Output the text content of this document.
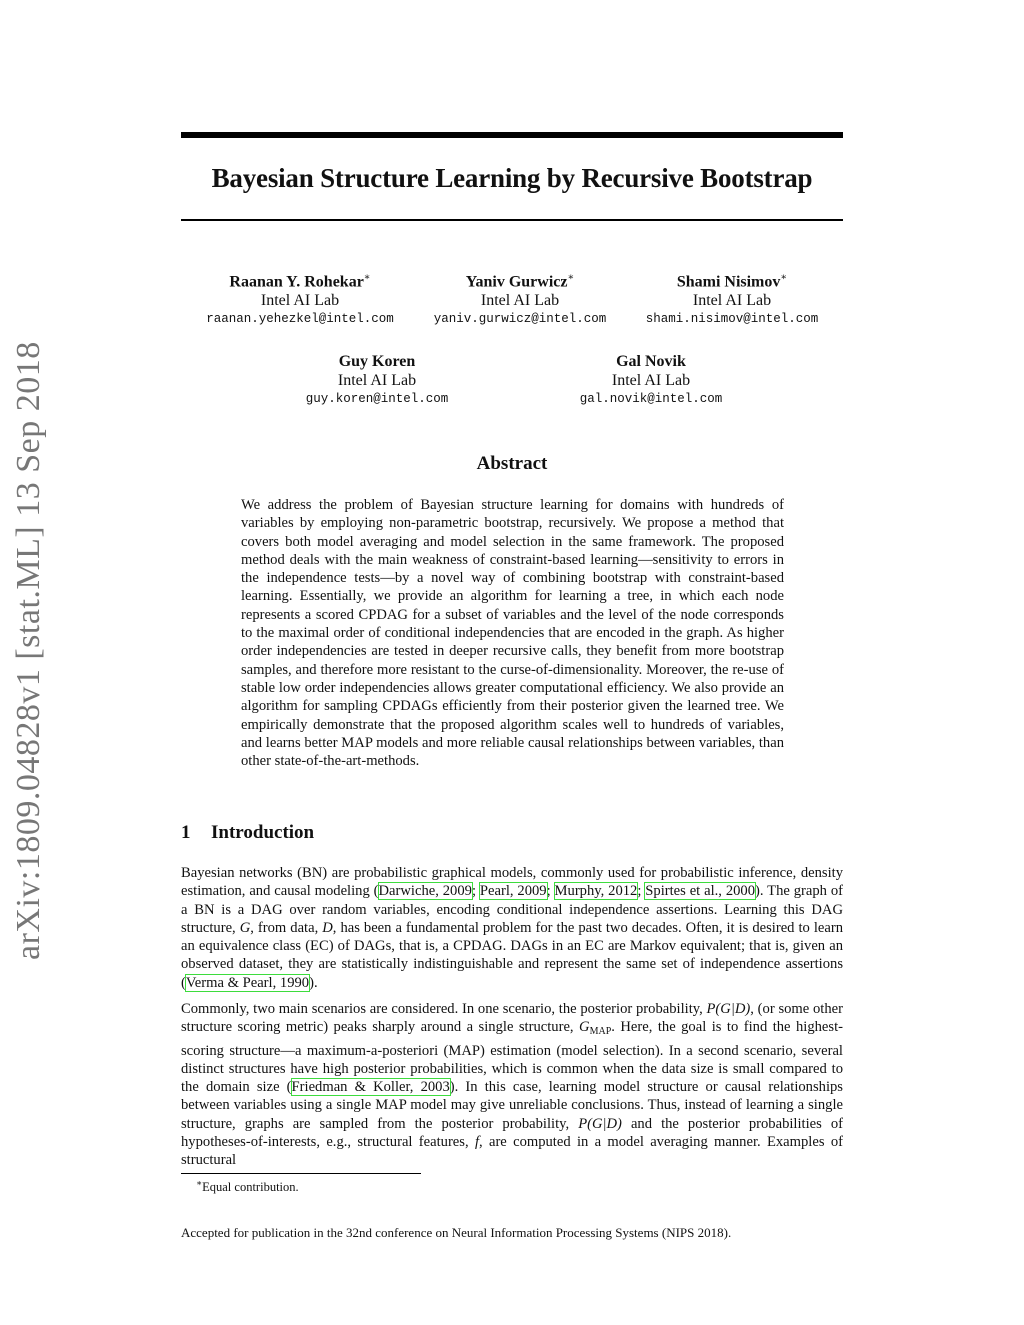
arXiv:1809.04828v1 [stat.ML] 13 Sep 2018
Bayesian Structure Learning by Recursive Bootstrap
Raanan Y. Rohekar∗
Intel AI Lab
raanan.yehezkel@intel.com
Yaniv Gurwicz∗
Intel AI Lab
yaniv.gurwicz@intel.com
Shami Nisimov∗
Intel AI Lab
shami.nisimov@intel.com
Guy Koren
Intel AI Lab
guy.koren@intel.com
Gal Novik
Intel AI Lab
gal.novik@intel.com
Abstract
We address the problem of Bayesian structure learning for domains with hundreds of variables by employing non-parametric bootstrap, recursively. We propose a method that covers both model averaging and model selection in the same framework. The proposed method deals with the main weakness of constraint-based learning—sensitivity to errors in the independence tests—by a novel way of combining bootstrap with constraint-based learning. Essentially, we provide an algorithm for learning a tree, in which each node represents a scored CPDAG for a subset of variables and the level of the node corresponds to the maximal order of conditional independencies that are encoded in the graph. As higher order independencies are tested in deeper recursive calls, they benefit from more bootstrap samples, and therefore more resistant to the curse-of-dimensionality. Moreover, the re-use of stable low order independencies allows greater computational efficiency. We also provide an algorithm for sampling CPDAGs efficiently from their posterior given the learned tree. We empirically demonstrate that the proposed algorithm scales well to hundreds of variables, and learns better MAP models and more reliable causal relationships between variables, than other state-of-the-art-methods.
1 Introduction
Bayesian networks (BN) are probabilistic graphical models, commonly used for probabilistic inference, density estimation, and causal modeling (Darwiche, 2009; Pearl, 2009; Murphy, 2012; Spirtes et al., 2000). The graph of a BN is a DAG over random variables, encoding conditional independence assertions. Learning this DAG structure, G, from data, D, has been a fundamental problem for the past two decades. Often, it is desired to learn an equivalence class (EC) of DAGs, that is, a CPDAG. DAGs in an EC are Markov equivalent; that is, given an observed dataset, they are statistically indistinguishable and represent the same set of independence assertions (Verma & Pearl, 1990).
Commonly, two main scenarios are considered. In one scenario, the posterior probability, P(G|D), (or some other structure scoring metric) peaks sharply around a single structure, $G_{MAP}$. Here, the goal is to find the highest-scoring structure—a maximum-a-posteriori (MAP) estimation (model selection). In a second scenario, several distinct structures have high posterior probabilities, which is common when the data size is small compared to the domain size (Friedman & Koller, 2003). In this case, learning model structure or causal relationships between variables using a single MAP model may give unreliable conclusions. Thus, instead of learning a single structure, graphs are sampled from the posterior probability, P(G|D) and the posterior probabilities of hypotheses-of-interests, e.g., structural features, f, are computed in a model averaging manner. Examples of structural
∗Equal contribution.
Accepted for publication in the 32nd conference on Neural Information Processing Systems (NIPS 2018).
